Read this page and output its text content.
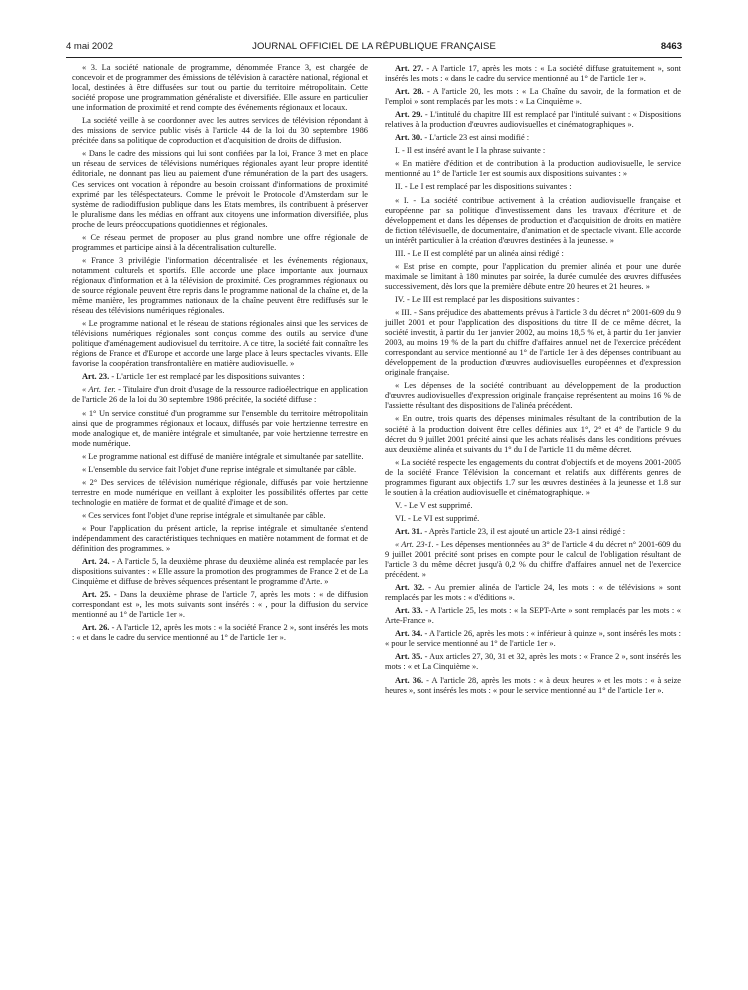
4 mai 2002	JOURNAL OFFICIEL DE LA RÉPUBLIQUE FRANÇAISE	8463

« 3. La société nationale de programme, dénommée France 3, est chargée de concevoir et de programmer des émissions de télévision à caractère national, régional et local, destinées à être diffusées sur tout ou partie du territoire métropolitain. Cette société propose une programmation généraliste et diversifiée. Elle assure en particulier une information de proximité et rend compte des événements régionaux et locaux.

La société veille à se coordonner avec les autres services de télévision répondant à des missions de service public visés à l'article 44 de la loi du 30 septembre 1986 précitée dans sa politique de coproduction et d'acquisition de droits de diffusion.

« Dans le cadre des missions qui lui sont confiées par la loi, France 3 met en place un réseau de services de télévisions numériques régionales ayant leur propre identité éditoriale, ne donnant pas lieu au paiement d'une rémunération de la part des usagers. Ces services ont vocation à répondre au besoin croissant d'informations de proximité exprimé par les téléspectateurs. Comme le prévoit le Protocole d'Amsterdam sur le système de radiodiffusion publique dans les Etats membres, ils contribuent à préserver le pluralisme dans les médias en offrant aux citoyens une information diversifiée, plus proche de leurs préoccupations quotidiennes et régionales.

« Ce réseau permet de proposer au plus grand nombre une offre régionale de programmes et participe ainsi à la décentralisation culturelle.

« France 3 privilégie l'information décentralisée et les événements régionaux, notamment culturels et sportifs. Elle accorde une place importante aux journaux régionaux d'information et à la télévision de proximité. Ces programmes régionaux ou de source régionale peuvent être repris dans le programme national de la chaîne et, de la même manière, les programmes nationaux de la chaîne peuvent être rediffusés sur le réseau des télévisions numériques régionales.

« Le programme national et le réseau de stations régionales ainsi que les services de télévisions numériques régionales sont conçus comme des outils au service d'une politique d'aménagement audiovisuel du territoire. A ce titre, la société fait connaître les régions de France et d'Europe et accorde une large place à leurs spectacles vivants. Elle favorise la coopération transfrontalière en matière audiovisuelle. »

Art. 23. - L'article 1er est remplacé par les dispositions suivantes :

« Art. 1er. - Titulaire d'un droit d'usage de la ressource radioélectrique en application de l'article 26 de la loi du 30 septembre 1986 précitée, la société diffuse :

« 1° Un service constitué d'un programme sur l'ensemble du territoire métropolitain ainsi que de programmes régionaux et locaux, diffusés par voie hertzienne terrestre en mode analogique et, de manière intégrale et simultanée, par voie hertzienne terrestre en mode numérique.

« Le programme national est diffusé de manière intégrale et simultanée par satellite.

« L'ensemble du service fait l'objet d'une reprise intégrale et simultanée par câble.

« 2° Des services de télévision numérique régionale, diffusés par voie hertzienne terrestre en mode numérique en veillant à exploiter les possibilités offertes par cette technologie en matière de format et de qualité d'image et de son.

« Ces services font l'objet d'une reprise intégrale et simultanée par câble.

« Pour l'application du présent article, la reprise intégrale et simultanée s'entend indépendamment des caractéristiques techniques en matière notamment de format et de définition des programmes. »

Art. 24. - A l'article 5, la deuxième phrase du deuxième alinéa est remplacée par les dispositions suivantes : « Elle assure la promotion des programmes de France 2 et de La Cinquième et diffuse de brèves séquences présentant le programme d'Arte. »

Art. 25. - Dans la deuxième phrase de l'article 7, après les mots : « de diffusion correspondant est », les mots suivants sont insérés : « , pour la diffusion du service mentionné au 1° de l'article 1er ».

Art. 26. - A l'article 12, après les mots : « la société France 2 », sont insérés les mots : « et dans le cadre du service mentionné au 1° de l'article 1er ».

Art. 27. - A l'article 17, après les mots : « La société diffuse gratuitement », sont insérés les mots : « dans le cadre du service mentionné au 1° de l'article 1er ».

Art. 28. - A l'article 20, les mots : « La Chaîne du savoir, de la formation et de l'emploi » sont remplacés par les mots : « La Cinquième ».

Art. 29. - L'intitulé du chapitre III est remplacé par l'intitulé suivant : « Dispositions relatives à la production d'œuvres audiovisuelles et cinématographiques ».

Art. 30. - L'article 23 est ainsi modifié :

I. - Il est inséré avant le I la phrase suivante :

« En matière d'édition et de contribution à la production audiovisuelle, le service mentionné au 1° de l'article 1er est soumis aux dispositions suivantes : »

II. - Le I est remplacé par les dispositions suivantes :

« I. - La société contribue activement à la création audiovisuelle française et européenne par sa politique d'investissement dans les travaux d'écriture et de développement et dans les dépenses de production et d'acquisition de droits en matière de fiction télévisuelle, de documentaire, d'animation et de spectacle vivant. Elle accorde un intérêt particulier à la création d'œuvres destinées à la jeunesse. »

III. - Le II est complété par un alinéa ainsi rédigé :

« Est prise en compte, pour l'application du premier alinéa et pour une durée maximale se limitant à 180 minutes par soirée, la durée cumulée des œuvres diffusées successivement, dès lors que la première débute entre 20 heures et 21 heures. »

IV. - Le III est remplacé par les dispositions suivantes :

« III. - Sans préjudice des abattements prévus à l'article 3 du décret n° 2001-609 du 9 juillet 2001 et pour l'application des dispositions du titre II de ce même décret, la société investit, à partir du 1er janvier 2002, au moins 18,5 % et, à partir du 1er janvier 2003, au moins 19 % de la part du chiffre d'affaires annuel net de l'exercice précédent correspondant au service mentionné au 1° de l'article 1er à des dépenses contribuant au développement de la production d'œuvres audiovisuelles européennes et d'expression originale française.

« Les dépenses de la société contribuant au développement de la production d'œuvres audiovisuelles d'expression originale française représentent au moins 16 % de l'assiette résultant des dispositions de l'alinéa précédent.

« En outre, trois quarts des dépenses minimales résultant de la contribution de la société à la production doivent être celles définies aux 1°, 2° et 4° de l'article 9 du décret du 9 juillet 2001 précité ainsi que les achats réalisés dans les conditions prévues aux deuxième alinéa et suivants du 1° du I de l'article 11 du même décret.

« La société respecte les engagements du contrat d'objectifs et de moyens 2001-2005 de la société France Télévision la concernant et relatifs aux différents genres de programmes figurant aux objectifs 1.7 sur les œuvres destinées à la jeunesse et 1.8 sur le soutien à la création audiovisuelle et cinématographique. »

V. - Le V est supprimé.

VI. - Le VI est supprimé.

Art. 31. - Après l'article 23, il est ajouté un article 23-1 ainsi rédigé :

« Art. 23-1. - Les dépenses mentionnées au 3° de l'article 4 du décret n° 2001-609 du 9 juillet 2001 précité sont prises en compte pour le calcul de l'obligation résultant de l'article 3 du même décret jusqu'à 0,2 % du chiffre d'affaires annuel net de l'exercice précédent. »

Art. 32. - Au premier alinéa de l'article 24, les mots : « de télévisions » sont remplacés par les mots : « d'éditions ».

Art. 33. - A l'article 25, les mots : « la SEPT-Arte » sont remplacés par les mots : « Arte-France ».

Art. 34. - A l'article 26, après les mots : « inférieur à quinze », sont insérés les mots : « pour le service mentionné au 1° de l'article 1er ».

Art. 35. - Aux articles 27, 30, 31 et 32, après les mots : « France 2 », sont insérés les mots : « et La Cinquième ».

Art. 36. - A l'article 28, après les mots : « à deux heures » et les mots : « à seize heures », sont insérés les mots : « pour le service mentionné au 1° de l'article 1er ».
